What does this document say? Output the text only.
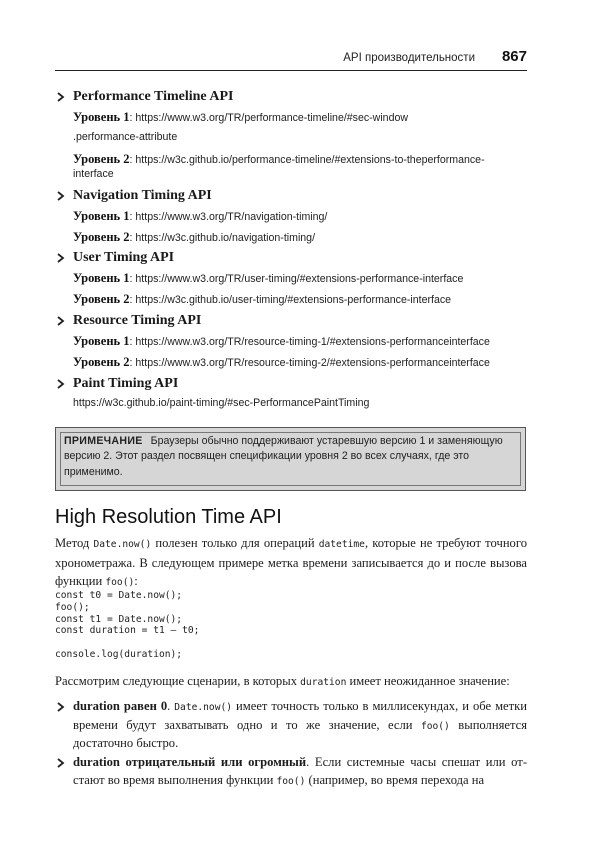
API производительности 867
Performance Timeline API
Уровень 1: https://www.w3.org/TR/performance-timeline/#sec-window
.performance-attribute
Уровень 2: https://w3c.github.io/performance-timeline/#extensions-to-theperformance-
interface
Navigation Timing API
Уровень 1: https://www.w3.org/TR/navigation-timing/
Уровень 2: https://w3c.github.io/navigation-timing/
User Timing API
Уровень 1: https://www.w3.org/TR/user-timing/#extensions-performance-interface
Уровень 2: https://w3c.github.io/user-timing/#extensions-performance-interface
Resource Timing API
Уровень 1: https://www.w3.org/TR/resource-timing-1/#extensions-performanceinterface
Уровень 2: https://www.w3.org/TR/resource-timing-2/#extensions-performanceinterface
Paint Timing API
https://w3c.github.io/paint-timing/#sec-PerformancePaintTiming
ПРИМЕЧАНИЕ Браузеры обычно поддерживают устаревшую версию 1 и заменяющую версию 2. Этот раздел посвящен спецификации уровня 2 во всех случаях, где это применимо.
High Resolution Time API
Метод Date.now() полезен только для операций datetime, которые не требуют точного хронометража. В следующем примере метка времени записывается до и после вызова функции foo():
const t0 = Date.now();
foo();
const t1 = Date.now();
const duration = t1 – t0;
console.log(duration);
Рассмотрим следующие сценарии, в которых duration имеет неожиданное значение:
duration равен 0. Date.now() имеет точность только в миллисекундах, и обе метки времени будут захватывать одно и то же значение, если foo() выполняется достаточно быстро.
duration отрицательный или огромный. Если системные часы спешат или отстают во время выполнения функции foo() (например, во время перехода на
